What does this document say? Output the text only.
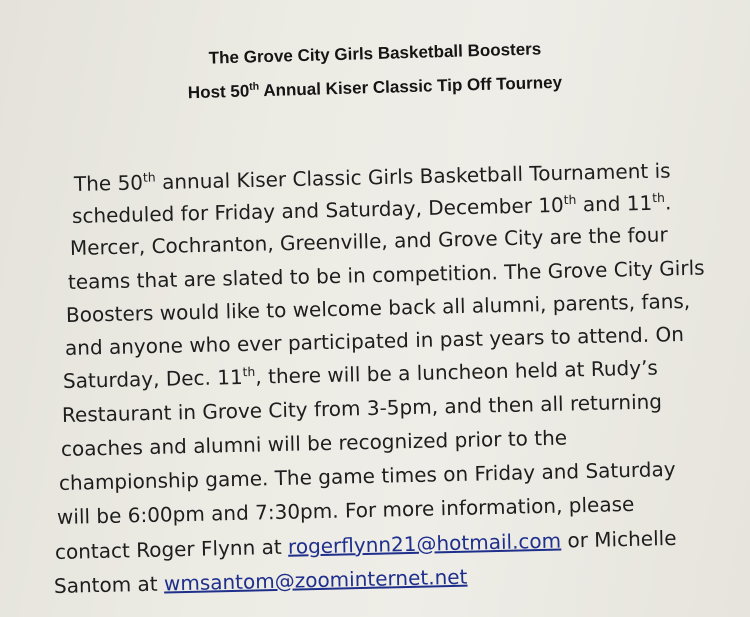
The Grove City Girls Basketball Boosters
Host 50th Annual Kiser Classic Tip Off Tourney
The 50th annual Kiser Classic Girls Basketball Tournament is
scheduled for Friday and Saturday, December 10th and 11th.
Mercer, Cochranton, Greenville, and Grove City are the four
teams that are slated to be in competition. The Grove City Girls
Boosters would like to welcome back all alumni, parents, fans,
and anyone who ever participated in past years to attend. On
Saturday, Dec. 11th, there will be a luncheon held at Rudy’s
Restaurant in Grove City from 3-5pm, and then all returning
coaches and alumni will be recognized prior to the
championship game. The game times on Friday and Saturday
will be 6:00pm and 7:30pm. For more information, please
contact Roger Flynn at rogerflynn21@hotmail.com or Michelle
Santom at wmsantom@zoominternet.net
